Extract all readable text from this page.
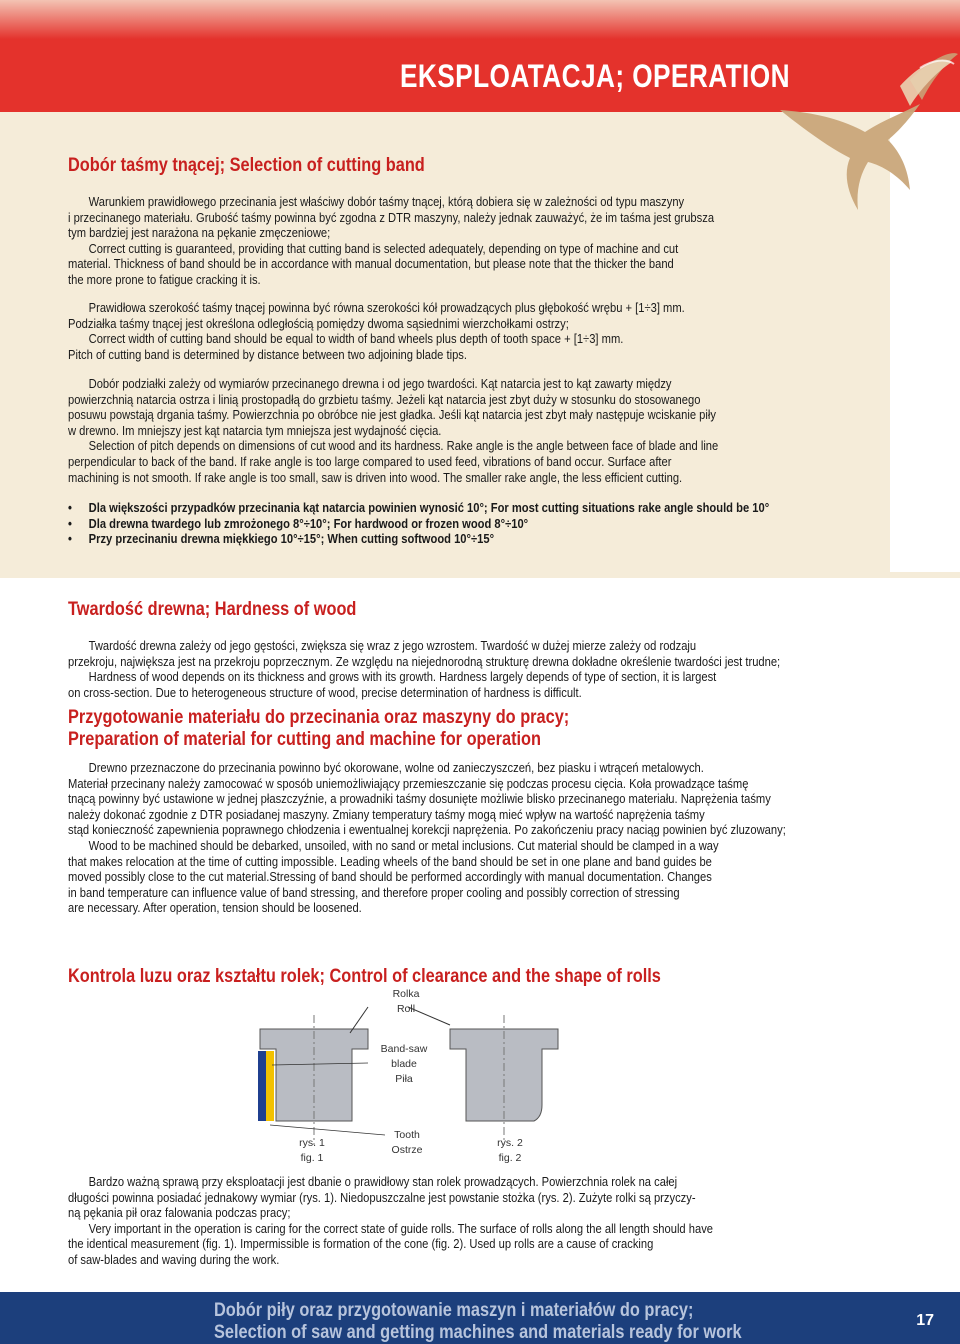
EKSPLOATACJA; OPERATION
Dobór taśmy tnącej; Selection of cutting band
Warunkiem prawidłowego przecinania jest właściwy dobór taśmy tnącej, którą dobiera się w zależności od typu maszyny
i przecinanego materiału. Grubość taśmy powinna być zgodna z DTR maszyny, należy jednak zauważyć, że im taśma jest grubsza
tym bardziej jest narażona na pękanie zmęczeniowe;
Correct cutting is guaranteed, providing that cutting band is selected adequately, depending on type of machine and cut
material. Thickness of band should be in accordance with manual documentation, but please note that the thicker the band
the more prone to fatigue cracking it is.
Prawidłowa szerokość taśmy tnącej powinna być równa szerokości kół prowadzących plus głębokość wrębu + [1÷3] mm.
Podziałka taśmy tnącej jest określona odległością pomiędzy dwoma sąsiednimi wierzchołkami ostrzy;
Correct width of cutting band should be equal to width of band wheels plus depth of tooth space + [1÷3] mm.
Pitch of cutting band is determined by distance between two adjoining blade tips.
Dobór podziałki zależy od wymiarów przecinanego drewna i od jego twardości. Kąt natarcia jest to kąt zawarty między
powierzchnią natarcia ostrza i linią prostopadłą do grzbietu taśmy. Jeżeli kąt natarcia jest zbyt duży w stosunku do stosowanego
posuwu powstają drgania taśmy. Powierzchnia po obróbce nie jest gładka. Jeśli kąt natarcia jest zbyt mały następuje wciskanie piły
w drewno. Im mniejszy jest kąt natarcia tym mniejsza jest wydajność cięcia.
Selection of pitch depends on dimensions of cut wood and its hardness. Rake angle is the angle between face of blade and line
perpendicular to back of the band. If rake angle is too large compared to used feed, vibrations of band occur. Surface after
machining is not smooth. If rake angle is too small, saw is driven into wood. The smaller rake angle, the less efficient cutting.
• Dla większości przypadków przecinania kąt natarcia powinien wynosić 10°; For most cutting situations rake angle should be 10°
• Dla drewna twardego lub zmrożonego 8°÷10°; For hardwood or frozen wood 8°÷10°
• Przy przecinaniu drewna miękkiego 10°÷15°; When cutting softwood 10°÷15°
Twardość drewna; Hardness of wood
Twardość drewna zależy od jego gęstości, zwiększa się wraz z jego wzrostem. Twardość w dużej mierze zależy od rodzaju
przekroju, największa jest na przekroju poprzecznym. Ze względu na niejednorodną strukturę drewna dokładne określenie twardości jest trudne;
Hardness of wood depends on its thickness and grows with its growth. Hardness largely depends of type of section, it is largest
on cross-section. Due to heterogeneous structure of wood, precise determination of hardness is difficult.
Przygotowanie materiału do przecinania oraz maszyny do pracy;
Preparation of material for cutting and machine for operation
Drewno przeznaczone do przecinania powinno być okorowane, wolne od zanieczyszczeń, bez piasku i wtrąceń metalowych.
Materiał przecinany należy zamocować w sposób uniemożliwiający przemieszczanie się podczas procesu cięcia. Koła prowadzące taśmę
tnącą powinny być ustawione w jednej płaszczyźnie, a prowadniki taśmy dosunięte możliwie blisko przecinanego materiału. Naprężenia taśmy
należy dokonać zgodnie z DTR posiadanej maszyny. Zmiany temperatury taśmy mogą mieć wpływ na wartość naprężenia taśmy
stąd konieczność zapewnienia poprawnego chłodzenia i ewentualnej korekcji naprężenia. Po zakończeniu pracy naciąg powinien być zluzowany;
Wood to be machined should be debarked, unsoiled, with no sand or metal inclusions. Cut material should be clamped in a way
that makes relocation at the time of cutting impossible. Leading wheels of the band should be set in one plane and band guides be
moved possibly close to the cut material.Stressing of band should be performed accordingly with manual documentation. Changes
in band temperature can influence value of band stressing, and therefore proper cooling and possibly correction of stressing
are necessary. After operation, tension should be loosened.
Kontrola luzu oraz kształtu rolek; Control of clearance and the shape of rolls
Rolka
Roll
Band-saw
blade
Piła
Tooth
Ostrze
rys. 1
fig. 1
rys. 2
fig. 2
Bardzo ważną sprawą przy eksploatacji jest dbanie o prawidłowy stan rolek prowadzących. Powierzchnia rolek na całej
długości powinna posiadać jednakowy wymiar (rys. 1). Niedopuszczalne jest powstanie stożka (rys. 2). Zużyte rolki są przyczy-
ną pękania pił oraz falowania podczas pracy;
Very important in the operation is caring for the correct state of guide rolls. The surface of rolls along the all length should have
the identical measurement (fig. 1). Impermissible is formation of the cone (fig. 2). Used up rolls are a cause of cracking
of saw-blades and waving during the work.
Dobór piły oraz przygotowanie maszyn i materiałów do pracy;
Selection of saw and getting machines and materials ready for work
17
